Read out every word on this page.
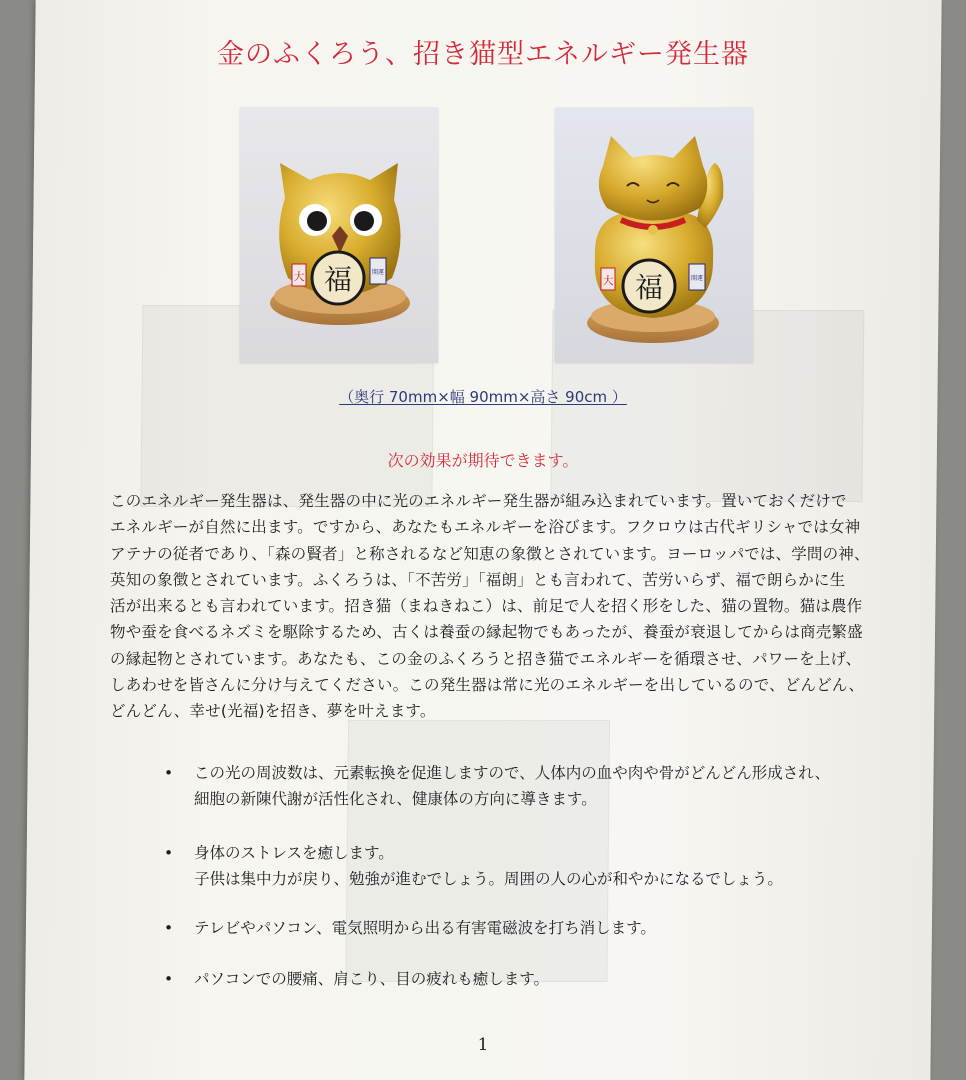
金のふくろう、招き猫型エネルギー発生器
福
大	開運	福
大	開運
（奥行 70mm×幅 90mm×高さ 90cm ）
次の効果が期待できます。

このエネルギー発生器は、発生器の中に光のエネルギー発生器が組み込まれています。置いておくだけで

エネルギーが自然に出ます。ですから、あなたもエネルギーを浴びます。フクロウは古代ギリシャでは女神

アテナの従者であり、「森の賢者」と称されるなど知恵の象徴とされています。ヨーロッパでは、学問の神、

英知の象徴とされています。ふくろうは、「不苦労」「福朗」とも言われて、苦労いらず、福で朗らかに生

活が出来るとも言われています。招き猫（まねきねこ）は、前足で人を招く形をした、猫の置物。猫は農作

物や蚕を食べるネズミを駆除するため、古くは養蚕の縁起物でもあったが、養蚕が衰退してからは商売繁盛

の縁起物とされています。あなたも、この金のふくろうと招き猫でエネルギーを循環させ、パワーを上げ、

しあわせを皆さんに分け与えてください。この発生器は常に光のエネルギーを出しているので、どんどん、

どんどん、幸せ(光福)を招き、夢を叶えます。

• この光の周波数は、元素転換を促進しますので、人体内の血や肉や骨がどんどん形成され、
細胞の新陳代謝が活性化され、健康体の方向に導きます。
• 身体のストレスを癒します。
子供は集中力が戻り、勉強が進むでしょう。周囲の人の心が和やかになるでしょう。
• テレビやパソコン、電気照明から出る有害電磁波を打ち消します。
• パソコンでの腰痛、肩こり、目の疲れも癒します。
1
